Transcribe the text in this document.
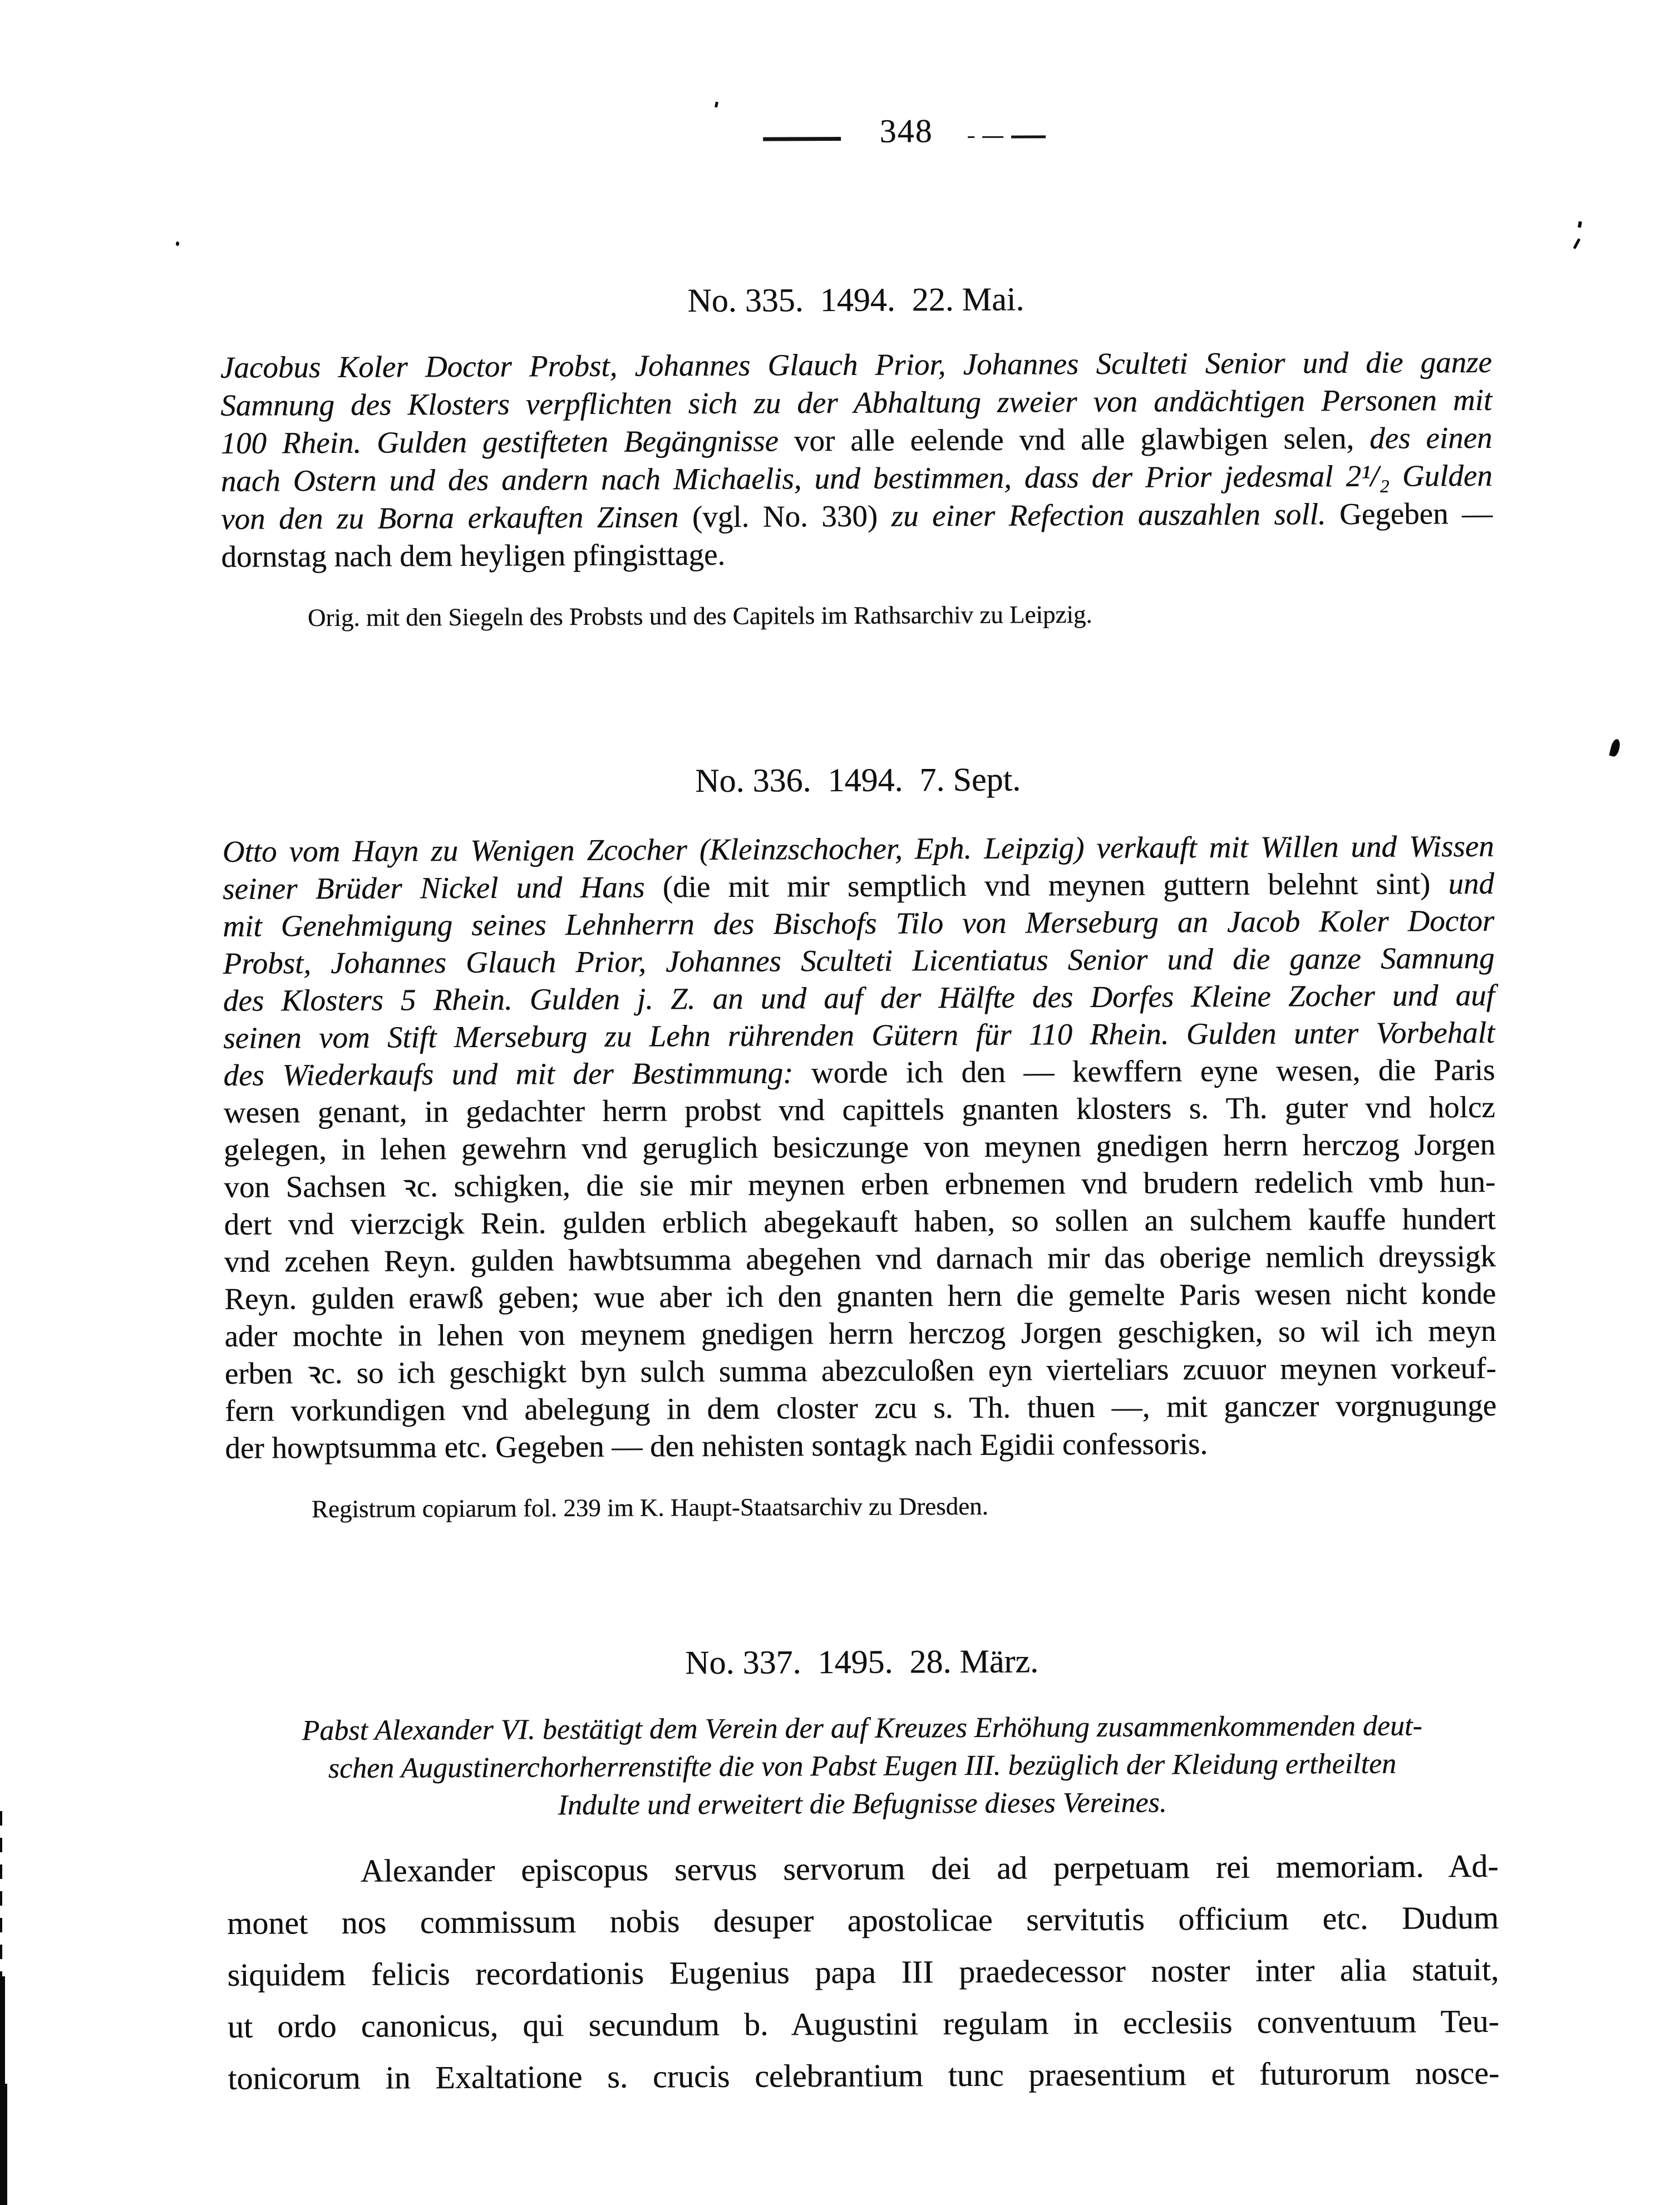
348
No. 335. 1494. 22. Mai.
Jacobus Koler Doctor Probst, Johannes Glauch Prior, Johannes Sculteti Senior und die ganze
Samnung des Klosters verpflichten sich zu der Abhaltung zweier von andächtigen Personen mit
100 Rhein. Gulden gestifteten Begängnisse vor alle eelende vnd alle glawbigen selen, des einen
nach Ostern und des andern nach Michaelis, und bestimmen, dass der Prior jedesmal 2¹/₂ Gulden
von den zu Borna erkauften Zinsen (vgl. No. 330) zu einer Refection auszahlen soll. Gegeben —
dornstag nach dem heyligen pfingisttage.
Orig. mit den Siegeln des Probsts und des Capitels im Rathsarchiv zu Leipzig.
No. 336. 1494. 7. Sept.
Otto vom Hayn zu Wenigen Zcocher (Kleinzschocher, Eph. Leipzig) verkauft mit Willen und Wissen
seiner Brüder Nickel und Hans (die mit mir semptlich vnd meynen guttern belehnt sint) und
mit Genehmigung seines Lehnherrn des Bischofs Tilo von Merseburg an Jacob Koler Doctor
Probst, Johannes Glauch Prior, Johannes Sculteti Licentiatus Senior und die ganze Samnung
des Klosters 5 Rhein. Gulden j. Z. an und auf der Hälfte des Dorfes Kleine Zocher und auf
seinen vom Stift Merseburg zu Lehn rührenden Gütern für 110 Rhein. Gulden unter Vorbehalt
des Wiederkaufs und mit der Bestimmung: worde ich den — kewffern eyne wesen, die Paris
wesen genant, in gedachter herrn probst vnd capittels gnanten klosters s. Th. guter vnd holcz
gelegen, in lehen gewehrn vnd geruglich besiczunge von meynen gnedigen herrn herczog Jorgen
von Sachsen ꝛc. schigken, die sie mir meynen erben erbnemen vnd brudern redelich vmb hun-
dert vnd vierzcigk Rein. gulden erblich abegekauft haben, so sollen an sulchem kauffe hundert
vnd zcehen Reyn. gulden hawbtsumma abegehen vnd darnach mir das oberige nemlich dreyssigk
Reyn. gulden erawß geben; wue aber ich den gnanten hern die gemelte Paris wesen nicht konde
ader mochte in lehen von meynem gnedigen herrn herczog Jorgen geschigken, so wil ich meyn
erben ꝛc. so ich geschigkt byn sulch summa abezculoßen eyn vierteliars zcuuor meynen vorkeuf-
fern vorkundigen vnd abelegung in dem closter zcu s. Th. thuen —, mit ganczer vorgnugunge
der howptsumma etc. Gegeben — den nehisten sontagk nach Egidii confessoris.
Registrum copiarum fol. 239 im K. Haupt-Staatsarchiv zu Dresden.
No. 337. 1495. 28. März.
Pabst Alexander VI. bestätigt dem Verein der auf Kreuzes Erhöhung zusammenkommenden deut-
schen Augustinerchorherrenstifte die von Pabst Eugen III. bezüglich der Kleidung ertheilten
Indulte und erweitert die Befugnisse dieses Vereines.
Alexander episcopus servus servorum dei ad perpetuam rei memoriam. Ad-
monet nos commissum nobis desuper apostolicae servitutis officium etc. Dudum
siquidem felicis recordationis Eugenius papa III praedecessor noster inter alia statuit,
ut ordo canonicus, qui secundum b. Augustini regulam in ecclesiis conventuum Teu-
tonicorum in Exaltatione s. crucis celebrantium tunc praesentium et futurorum nosce-
